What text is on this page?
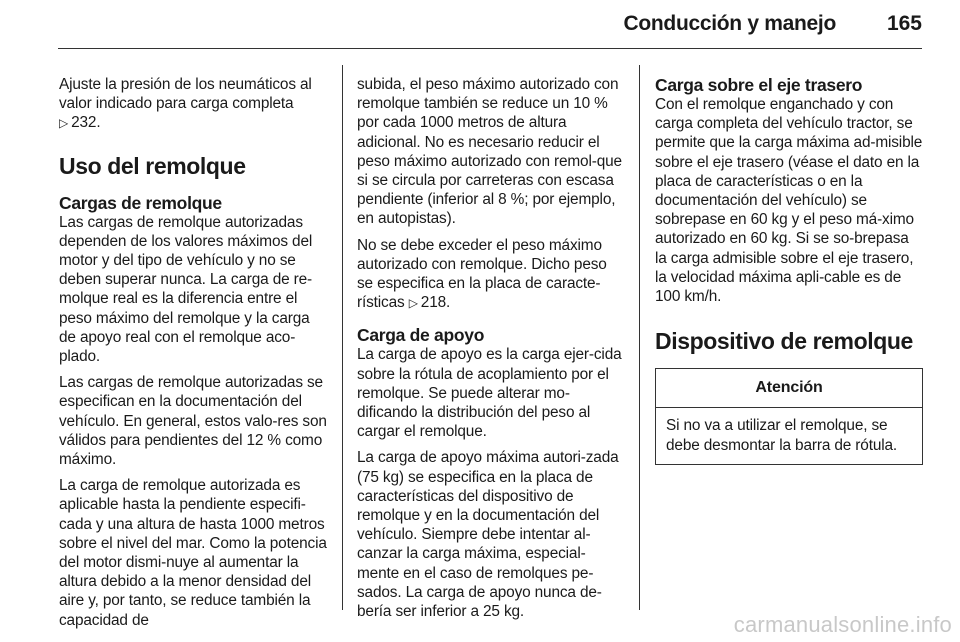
Conducción y manejo 165

Ajuste la presión de los neumáticos al valor indicado para carga completa
▷ 232.

Uso del remolque
Cargas de remolque

Las cargas de remolque autorizadas dependen de los valores máximos del motor y del tipo de vehículo y no se deben superar nunca. La carga de re-molque real es la diferencia entre el peso máximo del remolque y la carga de apoyo real con el remolque aco-plado.

Las cargas de remolque autorizadas se especifican en la documentación del vehículo. En general, estos valo-res son válidos para pendientes del 12 % como máximo.

La carga de remolque autorizada es aplicable hasta la pendiente especifi-cada y una altura de hasta 1000 metros sobre el nivel del mar. Como la potencia del motor dismi-nuye al aumentar la altura debido a la menor densidad del aire y, por tanto, se reduce también la capacidad de

subida, el peso máximo autorizado con remolque también se reduce un 10 % por cada 1000 metros de altura adicional. No es necesario reducir el peso máximo autorizado con remol-que si se circula por carreteras con escasa pendiente (inferior al 8 %; por ejemplo, en autopistas).

No se debe exceder el peso máximo autorizado con remolque. Dicho peso se especifica en la placa de caracte-rísticas ▷ 218.

Carga de apoyo

La carga de apoyo es la carga ejer-cida sobre la rótula de acoplamiento por el remolque. Se puede alterar mo-dificando la distribución del peso al cargar el remolque.

La carga de apoyo máxima autori-zada (75 kg) se especifica en la placa de características del dispositivo de remolque y en la documentación del vehículo. Siempre debe intentar al-canzar la carga máxima, especial-mente en el caso de remolques pe-sados. La carga de apoyo nunca de-bería ser inferior a 25 kg.

Carga sobre el eje trasero

Con el remolque enganchado y con carga completa del vehículo tractor, se permite que la carga máxima ad-misible sobre el eje trasero (véase el dato en la placa de características o en la documentación del vehículo) se sobrepase en 60 kg y el peso má-ximo autorizado en 60 kg. Si se so-brepasa la carga admisible sobre el eje trasero, la velocidad máxima apli-cable es de 100 km/h.

Dispositivo de remolque
Atención
Si no va a utilizar el remolque, se debe desmontar la barra de rótula.
carmanualsonline.info
